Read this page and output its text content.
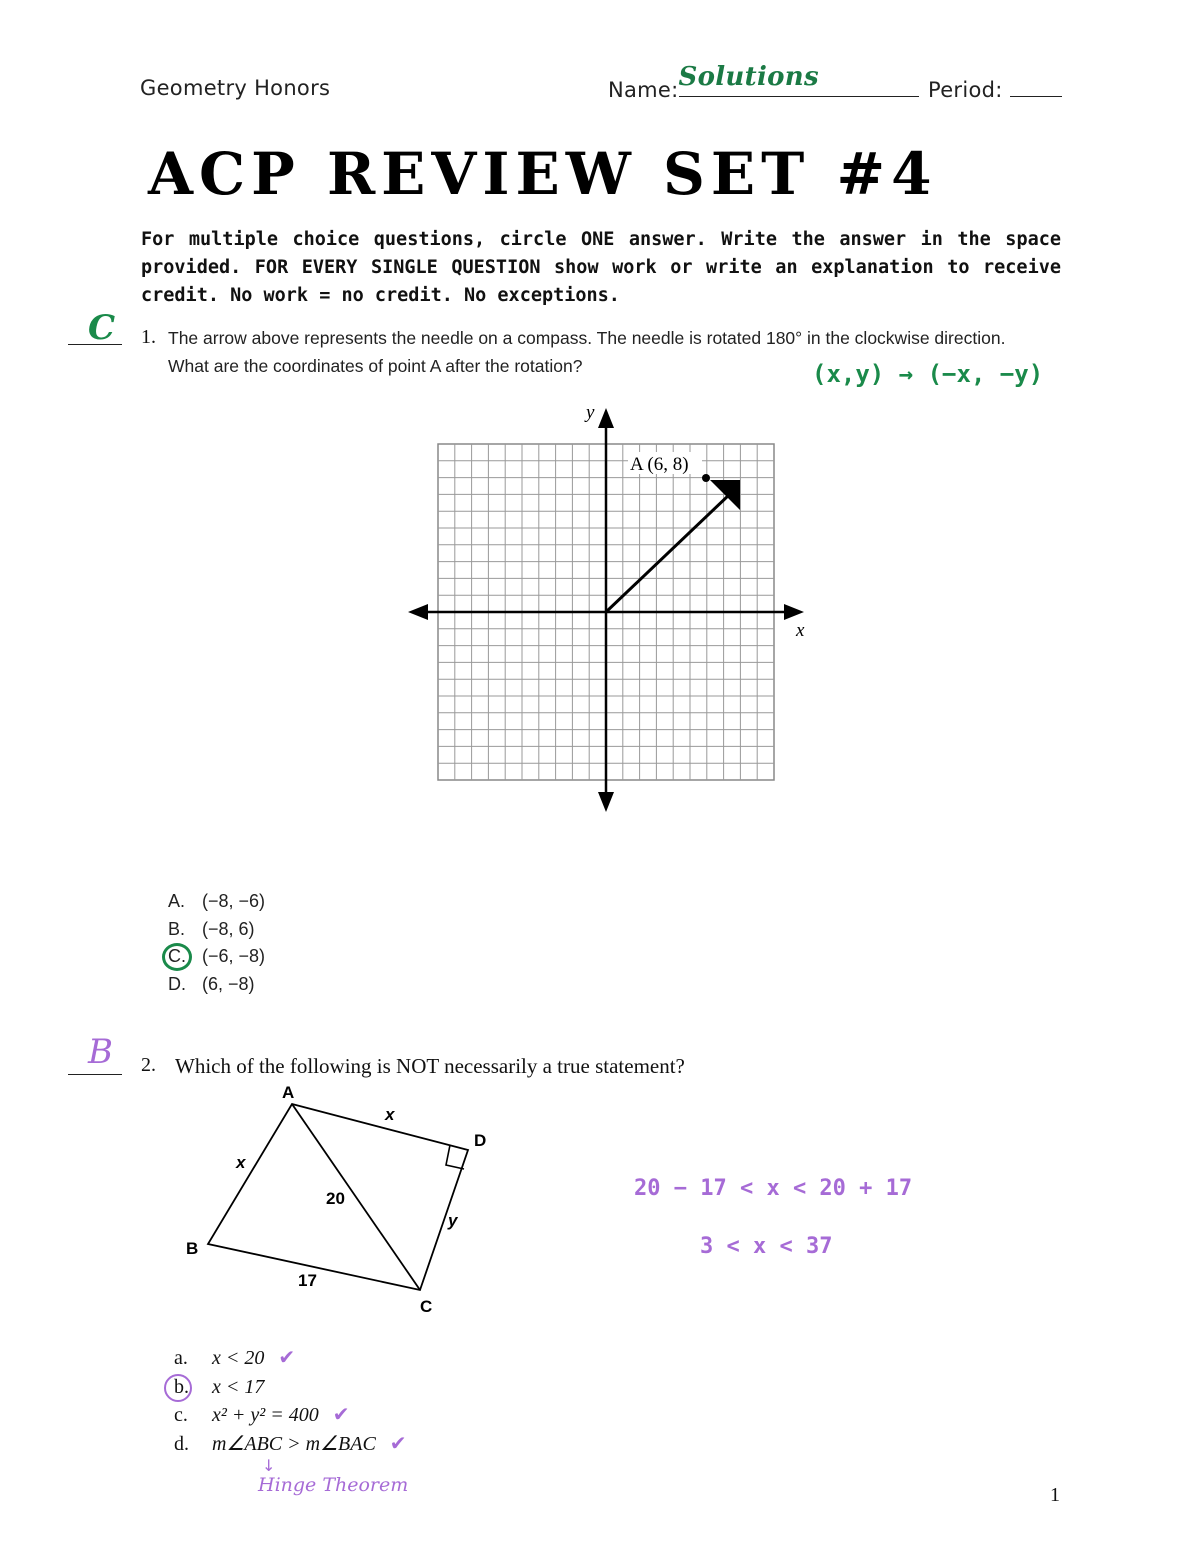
Geometry Honors	Name: Solutions	Period:
ACP REVIEW SET #4
For multiple choice questions, circle ONE answer. Write the answer in the space provided. FOR EVERY SINGLE QUESTION show work or write an explanation to receive credit. No work = no credit. No exceptions.
C 1. The arrow above represents the needle on a compass. The needle is rotated 180° in the clockwise direction.
What are the coordinates of point A after the rotation?	(x,y) → (−x, −y)
A (6, 8)
x
y
A. (−8, −6)
B. (−8, 6)
C. (−6, −8)
D. (6, −8)
B 2. Which of the following is NOT necessarily a true statement?
A
D
C
B
x
x
20
y
17
20 − 17 < x < 20 + 17
3 < x < 37
a. x < 20 ✔
b. x < 17
c. x² + y² = 400 ✔
d. m∠ABC > m∠BAC ✔
↓
Hinge Theorem	1
